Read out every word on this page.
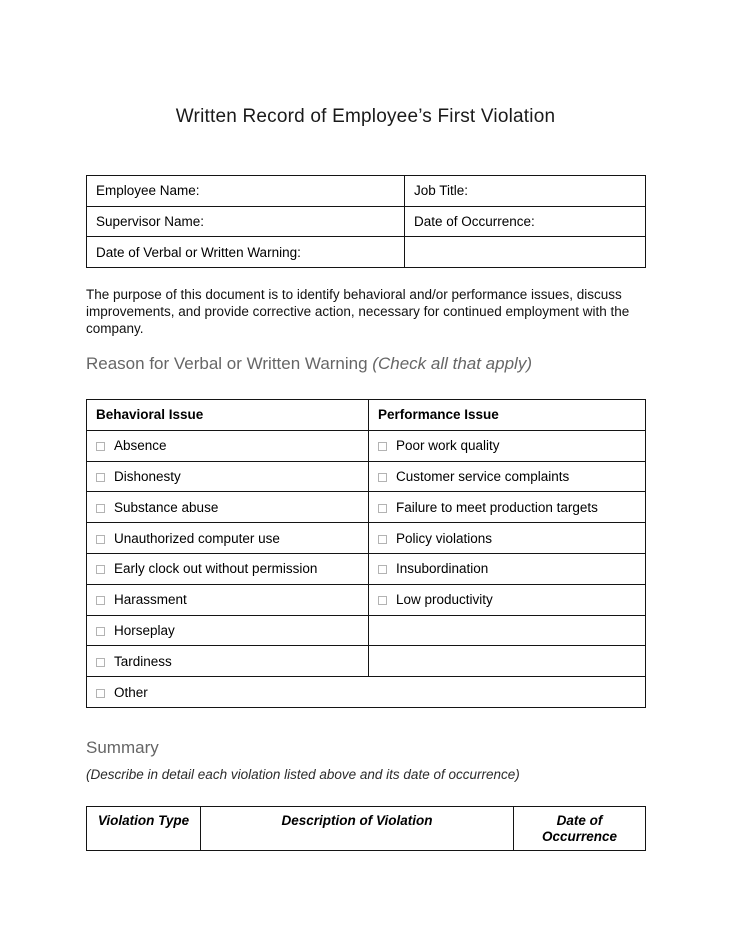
Written Record of Employee’s First Violation
Employee Name:	Job Title:
Supervisor Name:	Date of Occurrence:
Date of Verbal or Written Warning:	

The purpose of this document is to identify behavioral and/or performance issues, discuss improvements, and provide corrective action, necessary for continued employment with the company.

Reason for Verbal or Written Warning (Check all that apply)
Behavioral Issue	Performance Issue
Absence	Poor work quality
Dishonesty	Customer service complaints
Substance abuse	Failure to meet production targets
Unauthorized computer use	Policy violations
Early clock out without permission	Insubordination
Harassment	Low productivity
Horseplay	
Tardiness	
Other	
Summary
(Describe in detail each violation listed above and its date of occurrence)
Violation Type	Description of Violation	Date of Occurrence
